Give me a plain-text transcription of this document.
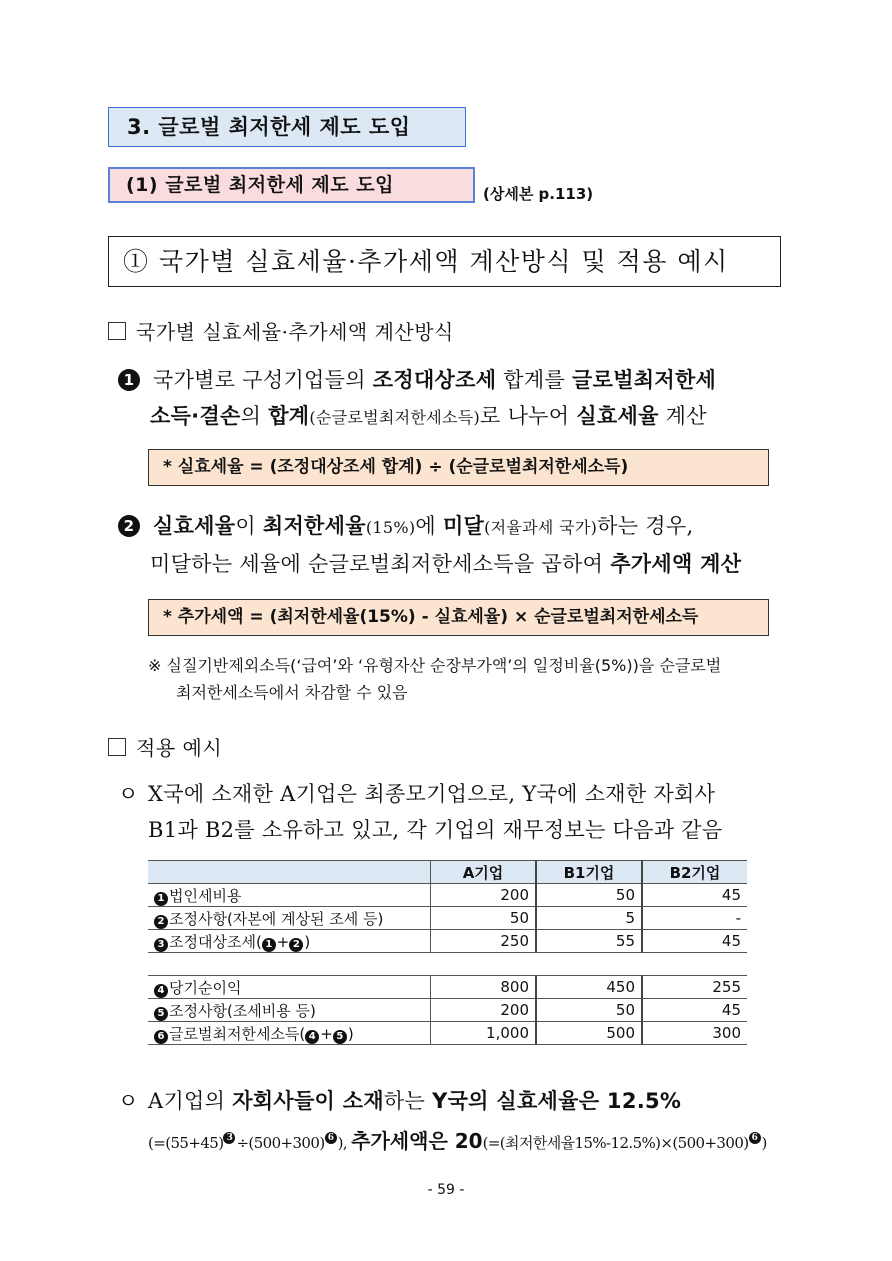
3. 글로벌 최저한세 제도 도입
(1) 글로벌 최저한세 제도 도입	(상세본 p.113)
① 국가별 실효세율·추가세액 계산방식 및 적용 예시
국가별 실효세율·추가세액 계산방식
1 국가별로 구성기업들의 조정대상조세 합계를 글로벌최저한세
소득·결손의 합계(순글로벌최저한세소득)로 나누어 실효세율 계산
* 실효세율 = (조정대상조세 합계) ÷ (순글로벌최저한세소득)
2 실효세율이 최저한세율(15%)에 미달(저율과세 국가)하는 경우,
미달하는 세율에 순글로벌최저한세소득을 곱하여 추가세액 계산
* 추가세액 = (최저한세율(15%) - 실효세율) × 순글로벌최저한세소득
※ 실질기반제외소득(‘급여’와 ‘유형자산 순장부가액’의 일정비율(5%))을 순글로벌
최저한세소득에서 차감할 수 있음
적용 예시
ㅇ X국에 소재한 A기업은 최종모기업으로, Y국에 소재한 자회사
B1과 B2를 소유하고 있고, 각 기업의 재무정보는 다음과 같음
	A기업	B1기업	B2기업
1 법인세비용	200	50	45
2 조정사항(자본에 계상된 조세 등)	50	5	-
3 조정대상조세( 1 + 2 )	250	55	45

4 당기순이익	800	450	255
5 조정사항(조세비용 등)	200	50	45
6 글로벌최저한세소득( 4 + 5 )	1,000	500	300
ㅇ A기업의 자회사들이 소재하는 Y국의 실효세율은 12.5%
(=(55+45) $^3$ ÷(500+300) $^6$ ), 추가세액은 20(=(최저한세율15%-12.5%)×(500+300) $^6$ )
- 59 -
